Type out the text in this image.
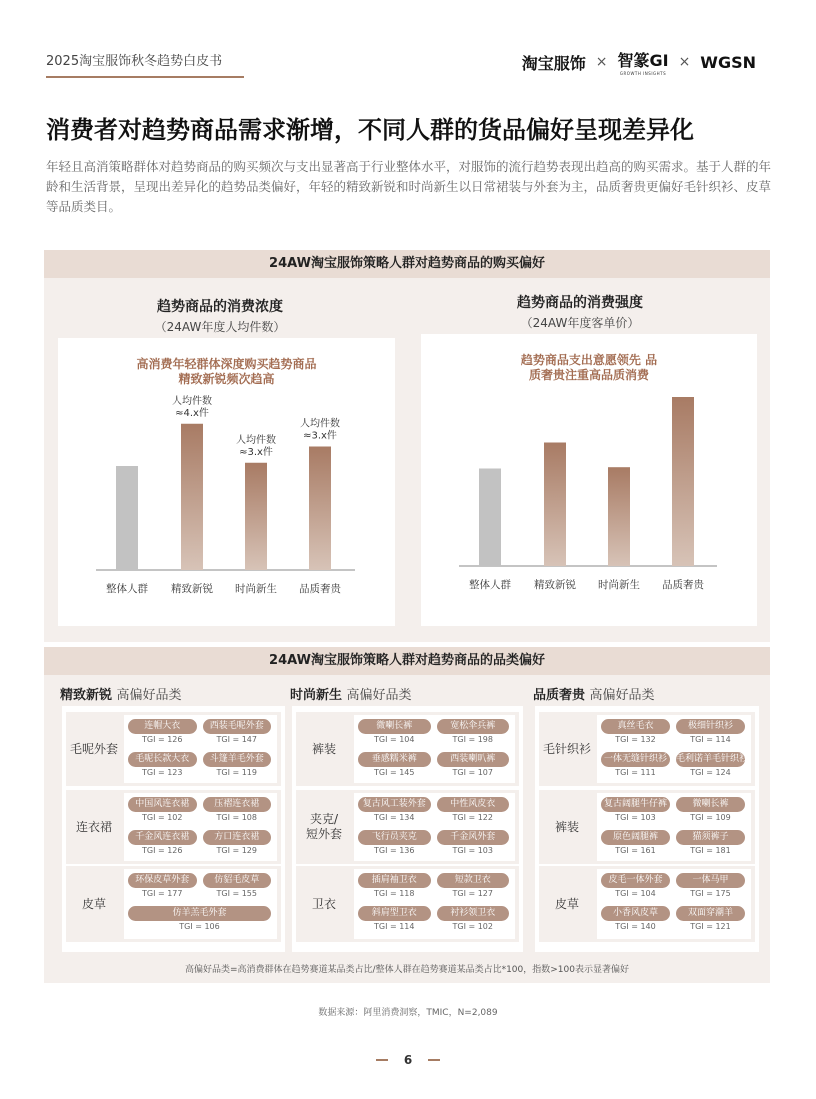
2025淘宝服饰秋冬趋势白皮书	淘宝服饰 × 智篆GI
GROWTH INSIGHTS
× WGSN
消费者对趋势商品需求渐增，不同人群的货品偏好呈现差异化
年轻且高消策略群体对趋势商品的购买频次与支出显著高于行业整体水平，对服饰的流行趋势表现出趋高的购买需求。基于人群的年龄和生活背景，呈现出差异化的趋势品类偏好，年轻的精致新锐和时尚新生以日常裙装与外套为主，品质奢贵更偏好毛针织衫、皮草等品质类目。
24AW淘宝服饰策略人群对趋势商品的购买偏好
趋势商品的消费浓度
（24AW年度人均件数）
趋势商品的消费强度
（24AW年度客单价）
高消费年轻群体深度购买趋势商品
精致新锐频次趋高
整体人群 精致新锐
人均件数
≈4.x件
时尚新生
人均件数
≈3.x件
品质奢贵
人均件数
≈3.x件
趋势商品支出意愿领先 品
质奢贵注重高品质消费
整体人群 精致新锐 时尚新生 品质奢贵
24AW淘宝服饰策略人群对趋势商品的品类偏好
精致新锐 高偏好品类
毛呢外套
连帽大衣
TGI = 126
西装毛呢外套
TGI = 147
毛呢长款大衣
TGI = 123
斗篷羊毛外套
TGI = 119
连衣裙
中国风连衣裙
TGI = 102
压褶连衣裙
TGI = 108
千金风连衣裙
TGI = 126
方口连衣裙
TGI = 129
皮草
环保皮草外套
TGI = 177
仿貂毛皮草
TGI = 155
仿羊羔毛外套
TGI = 106
时尚新生 高偏好品类
裤装
微喇长裤
TGI = 104
宽松伞兵裤
TGI = 198
垂感糯米裤
TGI = 145
西装喇叭裤
TGI = 107
夹克/
短外套
复古风工装外套
TGI = 134
中性风皮衣
TGI = 122
飞行员夹克
TGI = 136
千金风外套
TGI = 103
卫衣
插肩袖卫衣
TGI = 118
短款卫衣
TGI = 127
斜肩型卫衣
TGI = 114
衬衫领卫衣
TGI = 102
品质奢贵 高偏好品类
毛针织衫
真丝毛衣
TGI = 132
极细针织衫
TGI = 114
一体无缝针织衫
TGI = 111
毛利诺羊毛针织衫
TGI = 124
裤装
复古阔腿牛仔裤
TGI = 103
微喇长裤
TGI = 109
原色阔腿裤
TGI = 161
猫须裤子
TGI = 181
皮草
皮毛一体外套
TGI = 104
一体马甲
TGI = 175
小香风皮草
TGI = 140
双面穿潮羊
TGI = 121
高偏好品类=高消费群体在趋势赛道某品类占比/整体人群在趋势赛道某品类占比*100，指数>100表示显著偏好
数据来源：阿里消费洞察，TMIC，N=2,089
6
